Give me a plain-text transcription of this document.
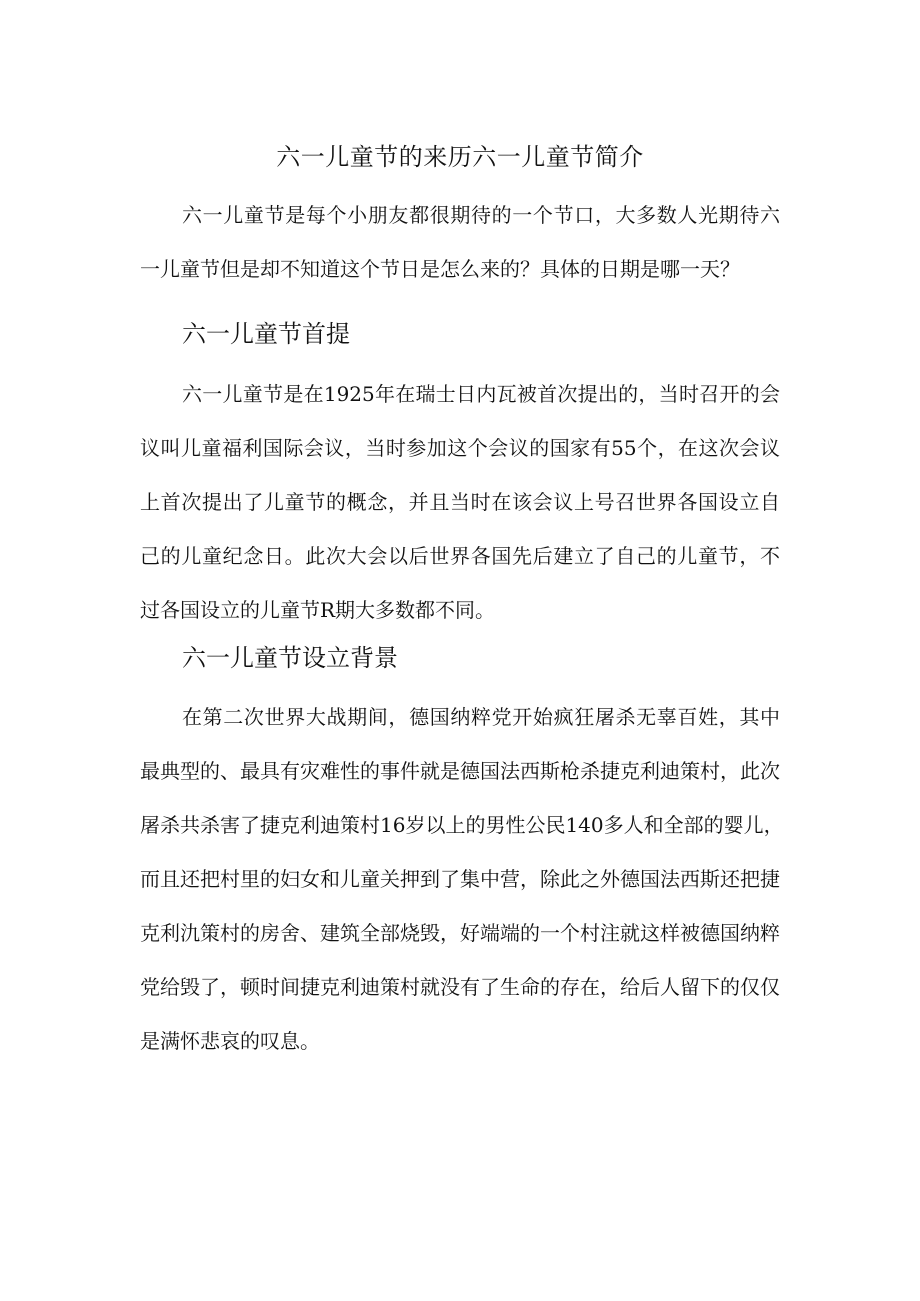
六一儿童节的来历六一儿童节简介
六一儿童节是每个小朋友都很期待的一个节口，大多数人光期待六
一儿童节但是却不知道这个节日是怎么来的？具体的日期是哪一天？
六一儿童节首提
六一儿童节是在1925年在瑞士日内瓦被首次提出的，当时召开的会
议叫儿童福利国际会议，当时参加这个会议的国家有55个，在这次会议
上首次提出了儿童节的概念，并且当时在该会议上号召世界各国设立自
己的儿童纪念日。此次大会以后世界各国先后建立了自己的儿童节，不
过各国设立的儿童节R期大多数都不同。
六一儿童节设立背景
在第二次世界大战期间，德国纳粹党开始疯狂屠杀无辜百姓，其中
最典型的、最具有灾难性的事件就是德国法西斯枪杀捷克利迪策村，此次
屠杀共杀害了捷克利迪策村16岁以上的男性公民140多人和全部的婴儿，
而且还把村里的妇女和儿童关押到了集中营，除此之外德国法西斯还把捷
克利氿策村的房舍、建筑全部烧毁，好端端的一个村注就这样被德国纳粹
党给毁了，顿时间捷克利迪策村就没有了生命的存在，给后人留下的仅仅
是满怀悲哀的叹息。
